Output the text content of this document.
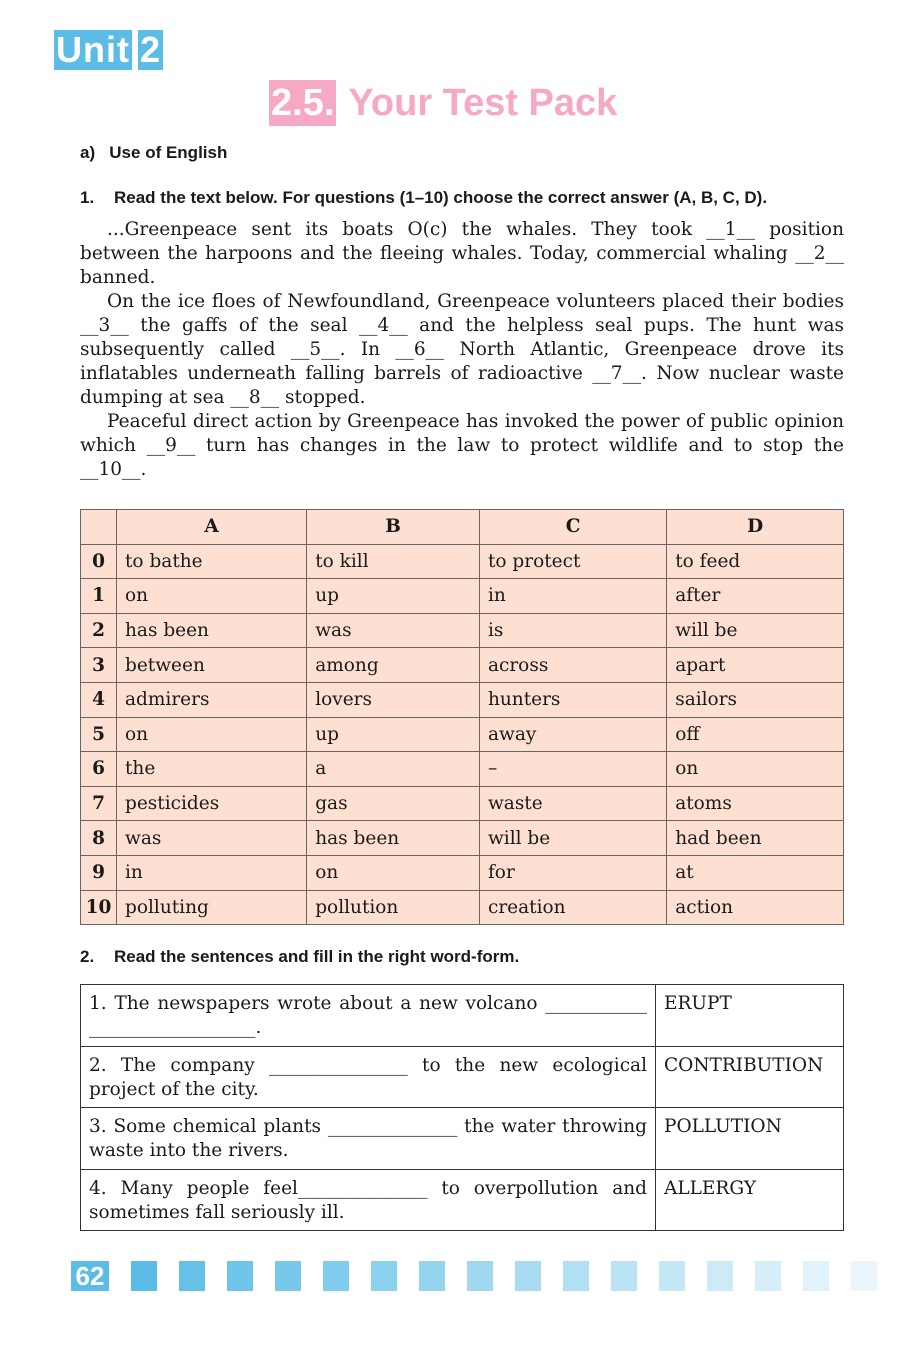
Unit 2
2.5. Your Test Pack
a)   Use of English
1. Read the text below. For questions (1–10) choose the correct answer (A, B, C, D).

...Greenpeace sent its boats O(c) the whales. They took __1__ position between the harpoons and the fleeing whales. Today, commercial whaling __2__ banned.

On the ice floes of Newfoundland, Greenpeace volunteers placed their bodies __3__ the gaffs of the seal __4__ and the helpless seal pups. The hunt was subsequently called __5__. In __6__ North Atlantic, Greenpeace drove its inflatables underneath falling barrels of radioactive __7__. Now nuclear waste dumping at sea __8__ stopped.

Peaceful direct action by Greenpeace has invoked the power of public opinion which __9__ turn has changes in the law to protect wildlife and to stop the __10__.

	A	B	C	D
0	to bathe	to kill	to protect	to feed
1	on	up	in	after
2	has been	was	is	will be
3	between	among	across	apart
4	admirers	lovers	hunters	sailors
5	on	up	away	off
6	the	a	–	on
7	pesticides	gas	waste	atoms
8	was	has been	will be	had been
9	in	on	for	at
10	polluting	pollution	creation	action
2. Read the sentences and fill in the right word-form.
1. The newspapers wrote about a new volcano ___________ __________________.	ERUPT
2. The company _______________ to the new ecological project of the city.	CONTRIBUTION
3. Some chemical plants ______________ the water throwing waste into the rivers.	POLLUTION
4. Many people feel______________ to overpollution and sometimes fall seriously ill.	ALLERGY
62
